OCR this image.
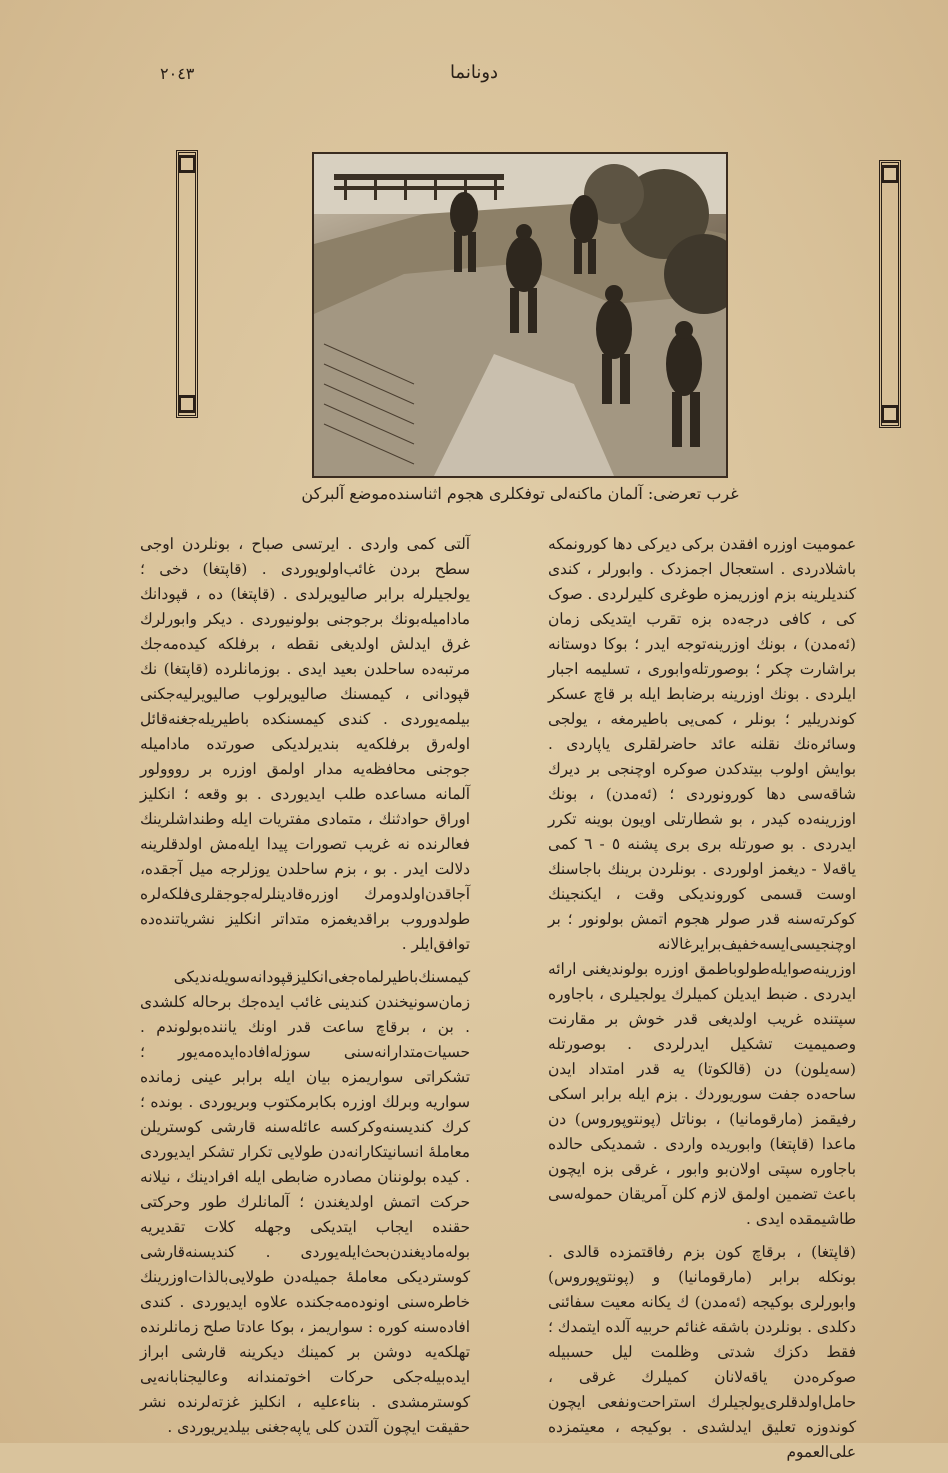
٢٠٤٣	دونانما
غرب تعرضی: آلمان ماکنه‌لی توفکلری هجوم اثناسنده‌موضع آلبرکن

عمومیت اوزره افقدن برکی دیرکی دها کورونمکه باشلادردی . استعجال اجمزدک . وابورلر ، کندی کندیلرینه بزم اوزریمزه طوغری کلیرلردی . صوک کی ، کافی درجه‌ده بزه تقرب ایتدیکی زمان (ئەمدن) ، بونك اوزرینه‌توجه ایدر ؛ بوکا دوستانه براشارت چکر ؛ بوصورتله‌وابوری ، تسلیمه اجبار ایلردی . بونك اوزرینه برضابط ایله بر قاچ عسکر کوندریلیر ؛ بونلر ، کمی‌یی باطیرمغه ، یولجی وسائره‌نك نقلنه عائد حاضرلقلری یاپاردی . بوایش اولوب بیتدکدن صوکره اوچنجی بر دیرك شاقه‌سی دها کورونوردی ؛ (ئەمدن) ، بونك اوزرینه‌ده کیدر ، بو شطارتلی اویون بوینه تکرر ایدردی . بو صورتله بری بری پشنه ٥ - ٦ کمی یاقەلا - دیغمز اولوردی . بونلردن برینك باجاسنك اوست قسمی کورونديکی وقت ، ایکنجینك کوکرته‌سنه قدر صولر هجوم اتمش بولونور ؛ بر اوچنجیسی‌ایسه‌خفیف‌برایرغالانه اوزرینه‌صوایله‌طولوباطمق اوزره بولوندیغنی ارائه ایدردی . ضبط ایدیلن کمیلرك یولجیلری ، باجاوره سپتنده غریب اولدیغی قدر خوش بر مقارنت وصمیمیت تشکیل ایدرلردی . بوصورتله (سەیلون) دن (قالکوتا) یه قدر امتداد ایدن ساحه‌ده جفت سوریوردك . بزم ایله برابر اسکی رفیقمز (مارقومانیا) ، بوناتل (پونتوپوروس) دن ماعدا (قاپتغا) وابوریده واردی . شمدیکی حالده باجاوره سپتی اولان‌بو وابور ، غرقی بزه ایچون باعث تضمین اولمق لازم کلن آمریقان حموله‌سی طاشیمقده ایدی .

(قاپتغا) ، برقاچ کون بزم رفاقتمزده قالدی . بونکله برابر (مارقومانیا) و (پونتوپوروس) وابورلری بوکیجه (ئەمدن) ك یکانه معیت سفائنی دکلدی . بونلردن باشقه غنائم حربیه آلده ایتمدك ؛ فقط دکزك شدتی وظلمت لیل حسبیله صوکره‌دن یاقەلانان کمیلرك غرقی ، حامل‌اولدقلری‌یولجیلرك استراحت‌ونفعی ایچون کوندوزه تعلیق ایدلشدی . بوکیجه ، معیتمزده علی‌العموم

آلتی کمی واردی . ایرتسی صباح ، بونلردن اوجی سطح بردن غائب‌اولویوردی . (قاپتغا) دخی ؛ یولجیلرله برابر صالیویرلدی . (قاپتغا) ده ، قپودانك مادامیله‌بونك برجوجنی بولونیوردی . دیکر وابورلرك غرق ایدلش اولدیغی نقطه ، برفلکه کیده‌مه‌جك مرتبه‌ده ساحلدن بعید ایدی . بوزمانلرده (قاپتغا) نك قپودانی ، کیمسنك صالیویرلوب صالیویرلیه‌جکنی بیلمه‌یوردی . کندی کیمسنکده باطیریله‌جغنه‌قائل اولەرق برفلکه‌یه بندیرلدیکی صورتده مادامیله جوجنی محافظه‌یه مدار اولمق اوزره بر رووولور آلمانه مساعده طلب ایدیوردی . بو وقعه ؛ انکلیز اوراق حوادثنك ، متمادی مفتریات ایله وطنداشلرینك فعالرنده نه غریب تصورات پیدا ایلەمش اولدقلرینه دلالت ایدر . بو ، بزم ساحلدن یوزلرجه میل آجقده‌، آجاقدن‌اولدومرك اوزره‌قادینلرله‌جوجقلری‌فلکه‌لره طولدوروب براقدیغمزه متداتر انکلیز نشریاتنده‌ده توافق‌ایلر .

کیمسنك‌باطیرلماه‌جغی‌انکلیزقپودانه‌سویله‌ندیکی زمان‌سونیخندن کندینی غائب ایده‌جك برحاله کلشدی . بن ، برقاچ ساعت قدر اونك یاننده‌بولوندم . حسیات‌متدارانه‌سنی سوزله‌افاده‌ایده‌مه‌یور ؛ تشکراتی سواریمزه بیان ایله برابر عینی زمانده سواریه وبرلك اوزره بکابرمکتوب وبریوردی . بونده ؛ کرك کندیسنه‌وکرکسه عائله‌سنه قارشی کوستریلن معامله‌ٔ انسانیتکارانه‌دن طولایی تکرار تشکر ایدیوردی . کیده بولوننان مصادره ضابطی ایله افرادینك ، نیلانه حرکت اتمش اولدیغندن ؛ آلمانلرك طور وحرکتی حقنده ایجاب ایتدیکی وجهله کلات تقدیریه بوله‌مادیغندن‌بحث‌ایله‌یوردی . کندیسنه‌قارشی کوستردیکی معامله‌ٔ جمیله‌دن طولایی‌بالذات‌اوزرینك خاطره‌سنی اونوده‌مه‌جکنده علاوه ایدیوردی . کندی افاده‌سنه کوره : سواریمز ، بوکا عادتا صلح زمانلرنده تهلکه‌یه دوشن بر کمینك دیکرینه قارشی ابراز ایده‌بیله‌جکی حرکات اخوتمندانه وعالیجنابانه‌یی کوسترمشدی . بناءعلیه ، انکلیز غزته‌لرنده نشر حقیقت ایچون آلتدن کلی یاپه‌جغنی بیلدیریوردی .
